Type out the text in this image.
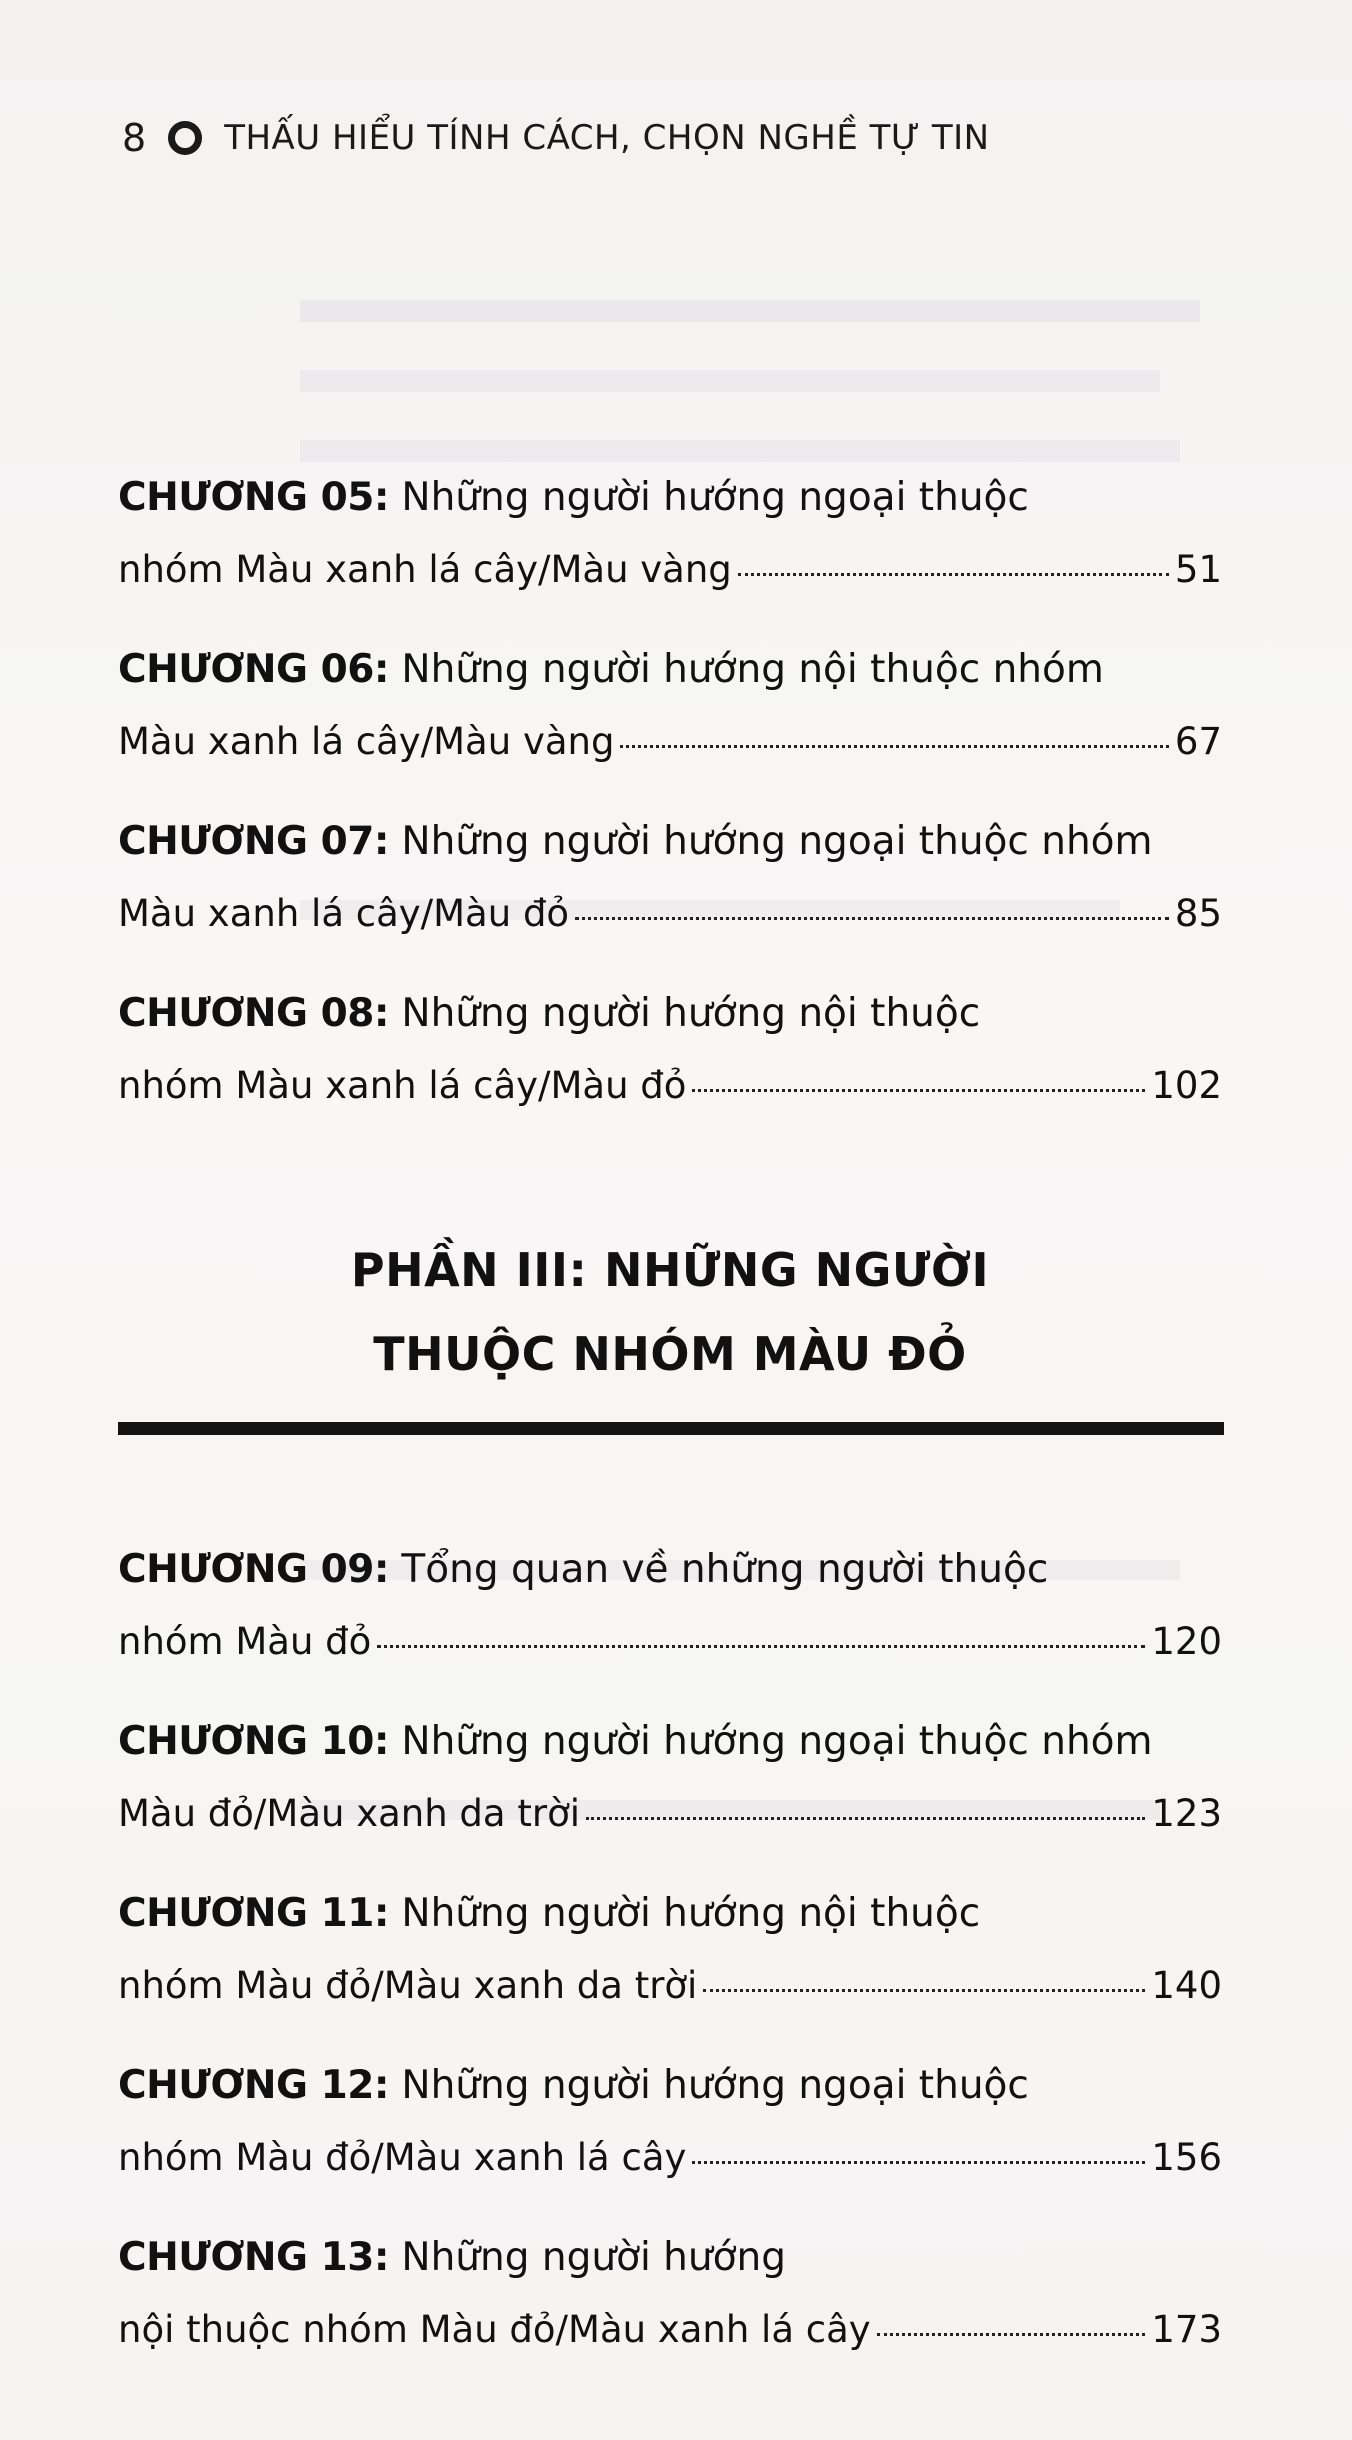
8 THẤU HIỂU TÍNH CÁCH, CHỌN NGHỀ TỰ TIN
CHƯƠNG 05: Những người hướng ngoại thuộc
nhóm Màu xanh lá cây/Màu vàng	51
CHƯƠNG 06: Những người hướng nội thuộc nhóm
Màu xanh lá cây/Màu vàng	67
CHƯƠNG 07: Những người hướng ngoại thuộc nhóm
Màu xanh lá cây/Màu đỏ	85
CHƯƠNG 08: Những người hướng nội thuộc
nhóm Màu xanh lá cây/Màu đỏ	102
PHẦN III: NHỮNG NGƯỜI
THUỘC NHÓM MÀU ĐỎ
CHƯƠNG 09: Tổng quan về những người thuộc
nhóm Màu đỏ	120
CHƯƠNG 10: Những người hướng ngoại thuộc nhóm
Màu đỏ/Màu xanh da trời	123
CHƯƠNG 11: Những người hướng nội thuộc
nhóm Màu đỏ/Màu xanh da trời	140
CHƯƠNG 12: Những người hướng ngoại thuộc
nhóm Màu đỏ/Màu xanh lá cây	156
CHƯƠNG 13: Những người hướng
nội thuộc nhóm Màu đỏ/Màu xanh lá cây	173
